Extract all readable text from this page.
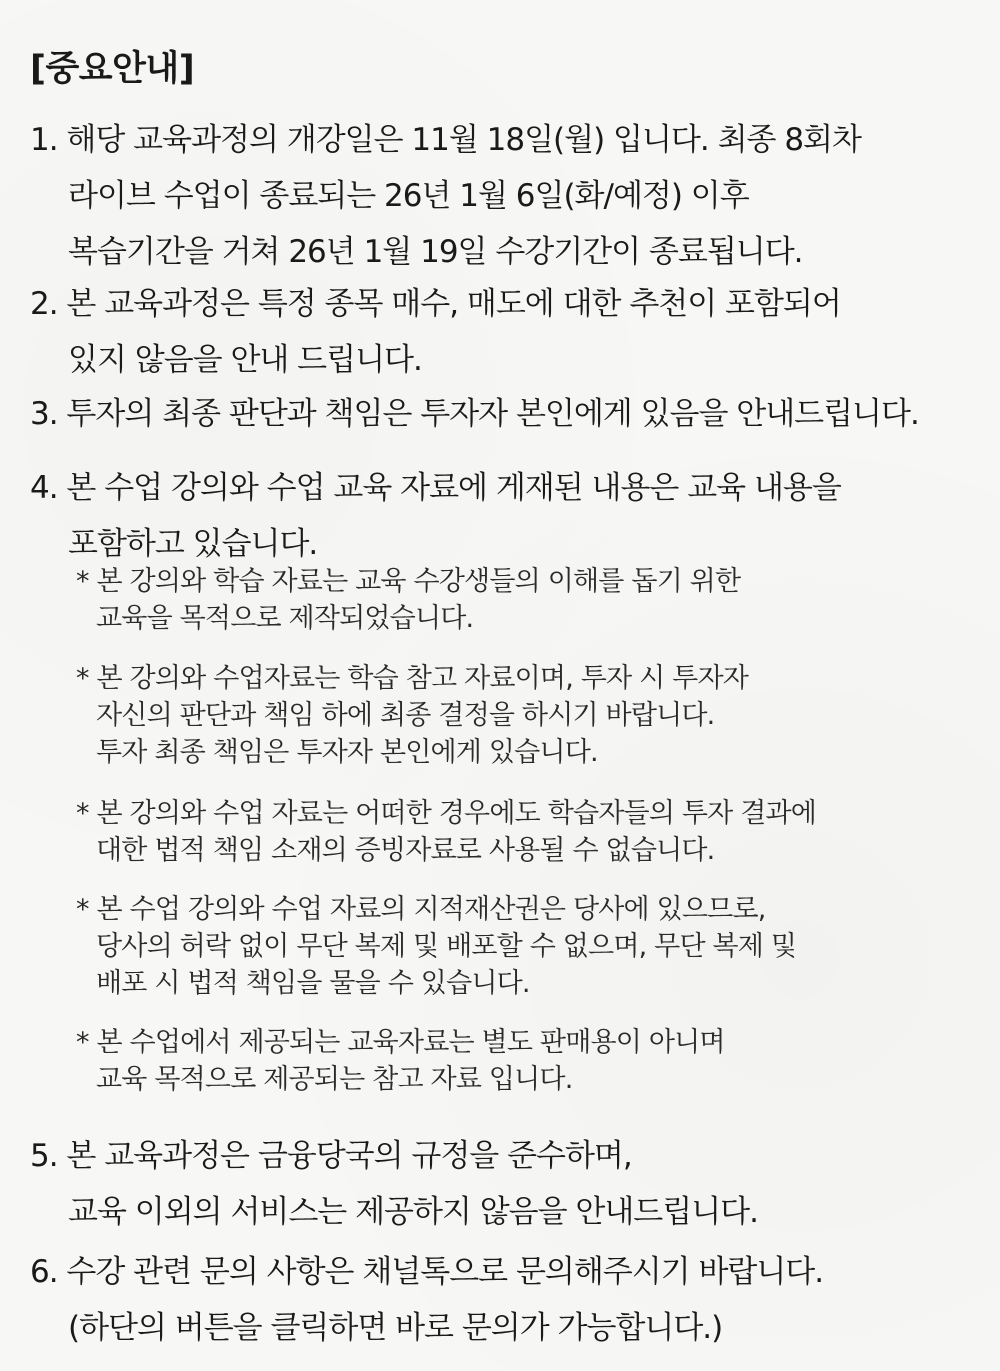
[중요안내]
1. 해당 교육과정의 개강일은 11월 18일(월) 입니다. 최종 8회차
라이브 수업이 종료되는 26년 1월 6일(화/예정) 이후
복습기간을 거쳐 26년 1월 19일 수강기간이 종료됩니다.
2. 본 교육과정은 특정 종목 매수, 매도에 대한 추천이 포함되어
있지 않음을 안내 드립니다.
3. 투자의 최종 판단과 책임은 투자자 본인에게 있음을 안내드립니다.
4. 본 수업 강의와 수업 교육 자료에 게재된 내용은 교육 내용을
포함하고 있습니다.
* 본 강의와 학습 자료는 교육 수강생들의 이해를 돕기 위한
교육을 목적으로 제작되었습니다.
* 본 강의와 수업자료는 학습 참고 자료이며, 투자 시 투자자
자신의 판단과 책임 하에 최종 결정을 하시기 바랍니다.
투자 최종 책임은 투자자 본인에게 있습니다.
* 본 강의와 수업 자료는 어떠한 경우에도 학습자들의 투자 결과에
대한 법적 책임 소재의 증빙자료로 사용될 수 없습니다.
* 본 수업 강의와 수업 자료의 지적재산권은 당사에 있으므로,
당사의 허락 없이 무단 복제 및 배포할 수 없으며, 무단 복제 및
배포 시 법적 책임을 물을 수 있습니다.
* 본 수업에서 제공되는 교육자료는 별도 판매용이 아니며
교육 목적으로 제공되는 참고 자료 입니다.
5. 본 교육과정은 금융당국의 규정을 준수하며,
교육 이외의 서비스는 제공하지 않음을 안내드립니다.
6. 수강 관련 문의 사항은 채널톡으로 문의해주시기 바랍니다.
(하단의 버튼을 클릭하면 바로 문의가 가능합니다.)
